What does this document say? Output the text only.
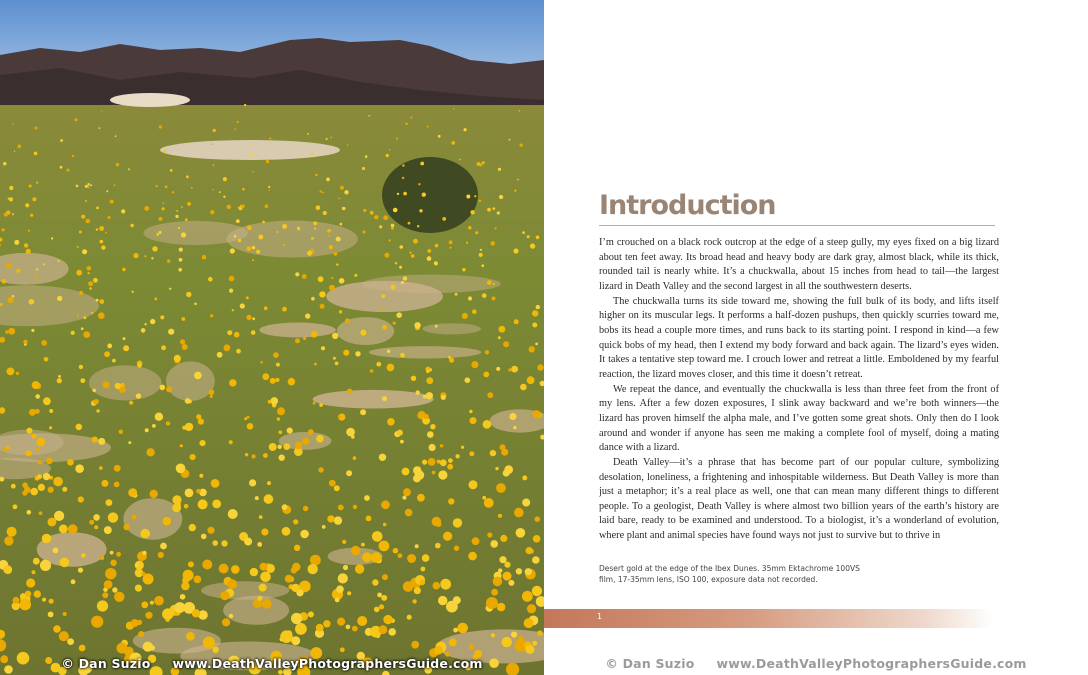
© Dan Suzio www.DeathValleyPhotographersGuide.com
Introduction

I’m crouched on a black rock outcrop at the edge of a steep gully, my eyes fixed on a big lizard about ten feet away. Its broad head and heavy body are dark gray, almost black, while its thick, rounded tail is nearly white. It’s a chuckwalla, about 15 inches from head to tail—the largest lizard in Death Valley and the second largest in all the southwestern deserts.

The chuckwalla turns its side toward me, showing the full bulk of its body, and lifts itself higher on its muscular legs. It performs a half-dozen pushups, then quickly scurries toward me, bobs its head a couple more times, and runs back to its starting point. I respond in kind—a few quick bobs of my head, then I extend my body forward and back again. The lizard’s eyes widen. It takes a tentative step toward me. I crouch lower and retreat a little. Emboldened by my fearful reaction, the lizard moves closer, and this time it doesn’t retreat.

We repeat the dance, and eventually the chuckwalla is less than three feet from the front of my lens. After a few dozen exposures, I slink away backward and we’re both winners—the lizard has proven himself the alpha male, and I’ve gotten some great shots. Only then do I look around and wonder if anyone has seen me making a complete fool of myself, doing a mating dance with a lizard.

Death Valley—it’s a phrase that has become part of our popular culture, symbolizing desolation, loneliness, a frightening and inhospitable wilderness. But Death Valley is more than just a metaphor; it’s a real place as well, one that can mean many different things to different people. To a geologist, Death Valley is where almost two billion years of the earth’s history are laid bare, ready to be examined and understood. To a biologist, it’s a wonderland of evolution, where plant and animal species have found ways not just to survive but to thrive in

Desert gold at the edge of the Ibex Dunes. 35mm Ektachrome 100VS
film, 17-35mm lens, ISO 100, exposure data not recorded.
1
© Dan Suzio www.DeathValleyPhotographersGuide.com
